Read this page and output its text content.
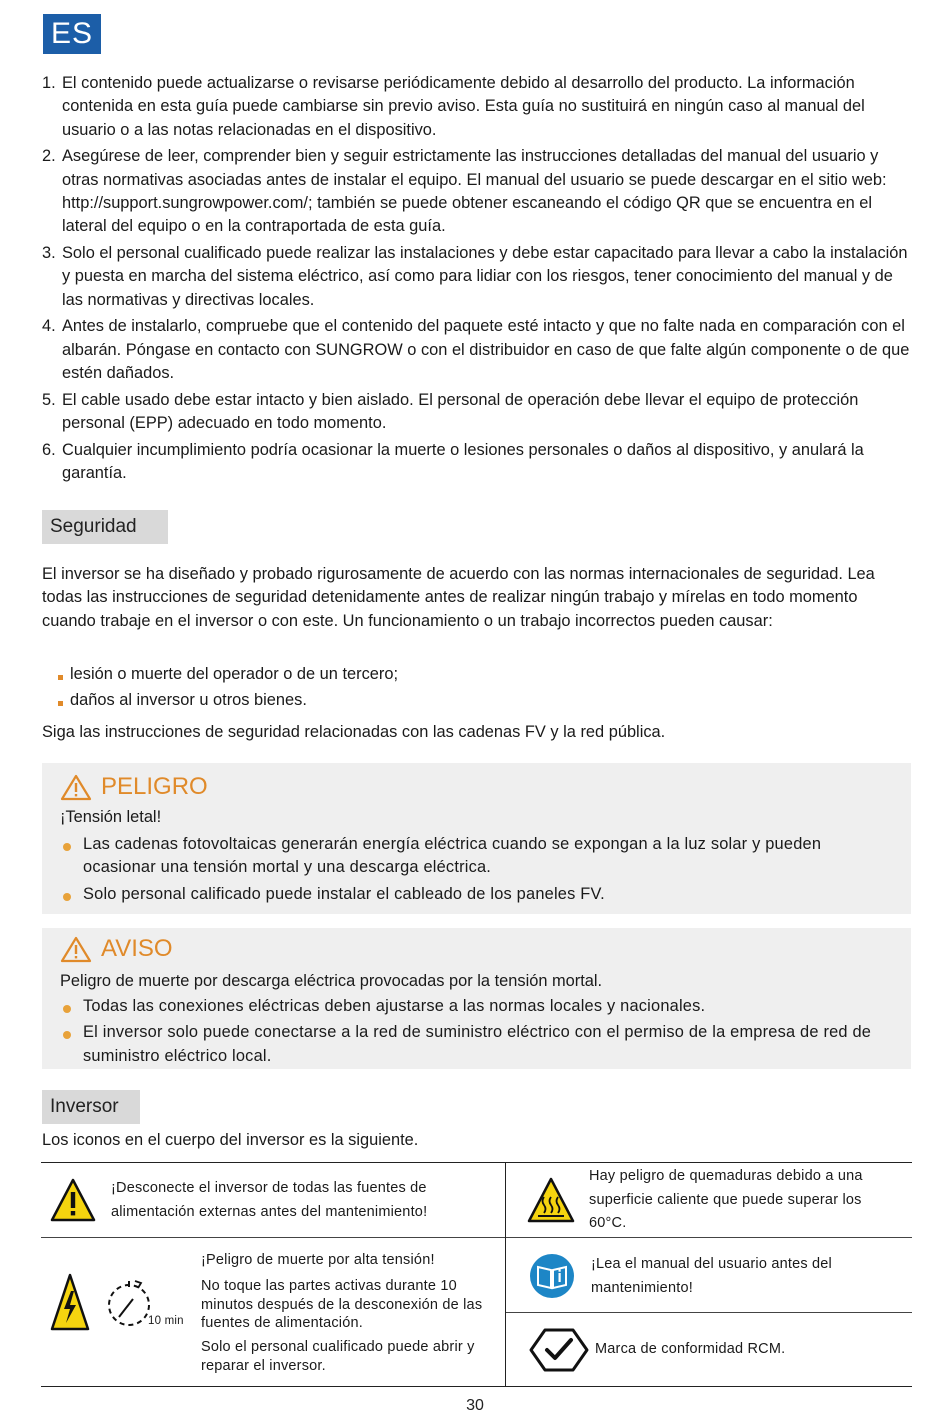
ES
1. El contenido puede actualizarse o revisarse periódicamente debido al desarrollo del producto. La información contenida en esta guía puede cambiarse sin previo aviso. Esta guía no sustituirá en ningún caso al manual del usuario o a las notas relacionadas en el dispositivo.
2. Asegúrese de leer, comprender bien y seguir estrictamente las instrucciones detalladas del manual del usuario y otras normativas asociadas antes de instalar el equipo. El manual del usuario se puede descargar en el sitio web: http://support.sungrowpower.com/; también se puede obtener escaneando el código QR que se encuentra en el lateral del equipo o en la contraportada de esta guía.
3. Solo el personal cualificado puede realizar las instalaciones y debe estar capacitado para llevar a cabo la instalación y puesta en marcha del sistema eléctrico, así como para lidiar con los riesgos, tener conocimiento del manual y de las normativas y directivas locales.
4. Antes de instalarlo, compruebe que el contenido del paquete esté intacto y que no falte nada en comparación con el albarán. Póngase en contacto con SUNGROW o con el distribuidor en caso de que falte algún componente o de que estén dañados.
5. El cable usado debe estar intacto y bien aislado. El personal de operación debe llevar el equipo de protección personal (EPP) adecuado en todo momento.
6. Cualquier incumplimiento podría ocasionar la muerte o lesiones personales o daños al dispositivo, y anulará la garantía.
Seguridad

El inversor se ha diseñado y probado rigurosamente de acuerdo con las normas internacionales de seguridad. Lea todas las instrucciones de seguridad detenidamente antes de realizar ningún trabajo y mírelas en todo momento cuando trabaje en el inversor o con este. Un funcionamiento o un trabajo incorrectos pueden causar:

lesión o muerte del operador o de un tercero;
daños al inversor u otros bienes.

Siga las instrucciones de seguridad relacionadas con las cadenas FV y la red pública.

PELIGRO
¡Tensión letal!
Las cadenas fotovoltaicas generarán energía eléctrica cuando se expongan a la luz solar y pueden ocasionar una tensión mortal y una descarga eléctrica.
Solo personal calificado puede instalar el cableado de los paneles FV.
AVISO
Peligro de muerte por descarga eléctrica provocadas por la tensión mortal.
Todas las conexiones eléctricas deben ajustarse a las normas locales y nacionales.
El inversor solo puede conectarse a la red de suministro eléctrico con el permiso de la empresa de red de suministro eléctrico local.
Inversor

Los iconos en el cuerpo del inversor es la siguiente.

¡Desconecte el inversor de todas las fuentes de alimentación externas antes del mantenimiento!
Hay peligro de quemaduras debido a una superficie caliente que puede superar los 60°C.
10 min
¡Peligro de muerte por alta tensión!
No toque las partes activas durante 10 minutos después de la desconexión de las fuentes de alimentación.
Solo el personal cualificado puede abrir y reparar el inversor.
¡Lea el manual del usuario antes del mantenimiento!
Marca de conformidad RCM.
30
